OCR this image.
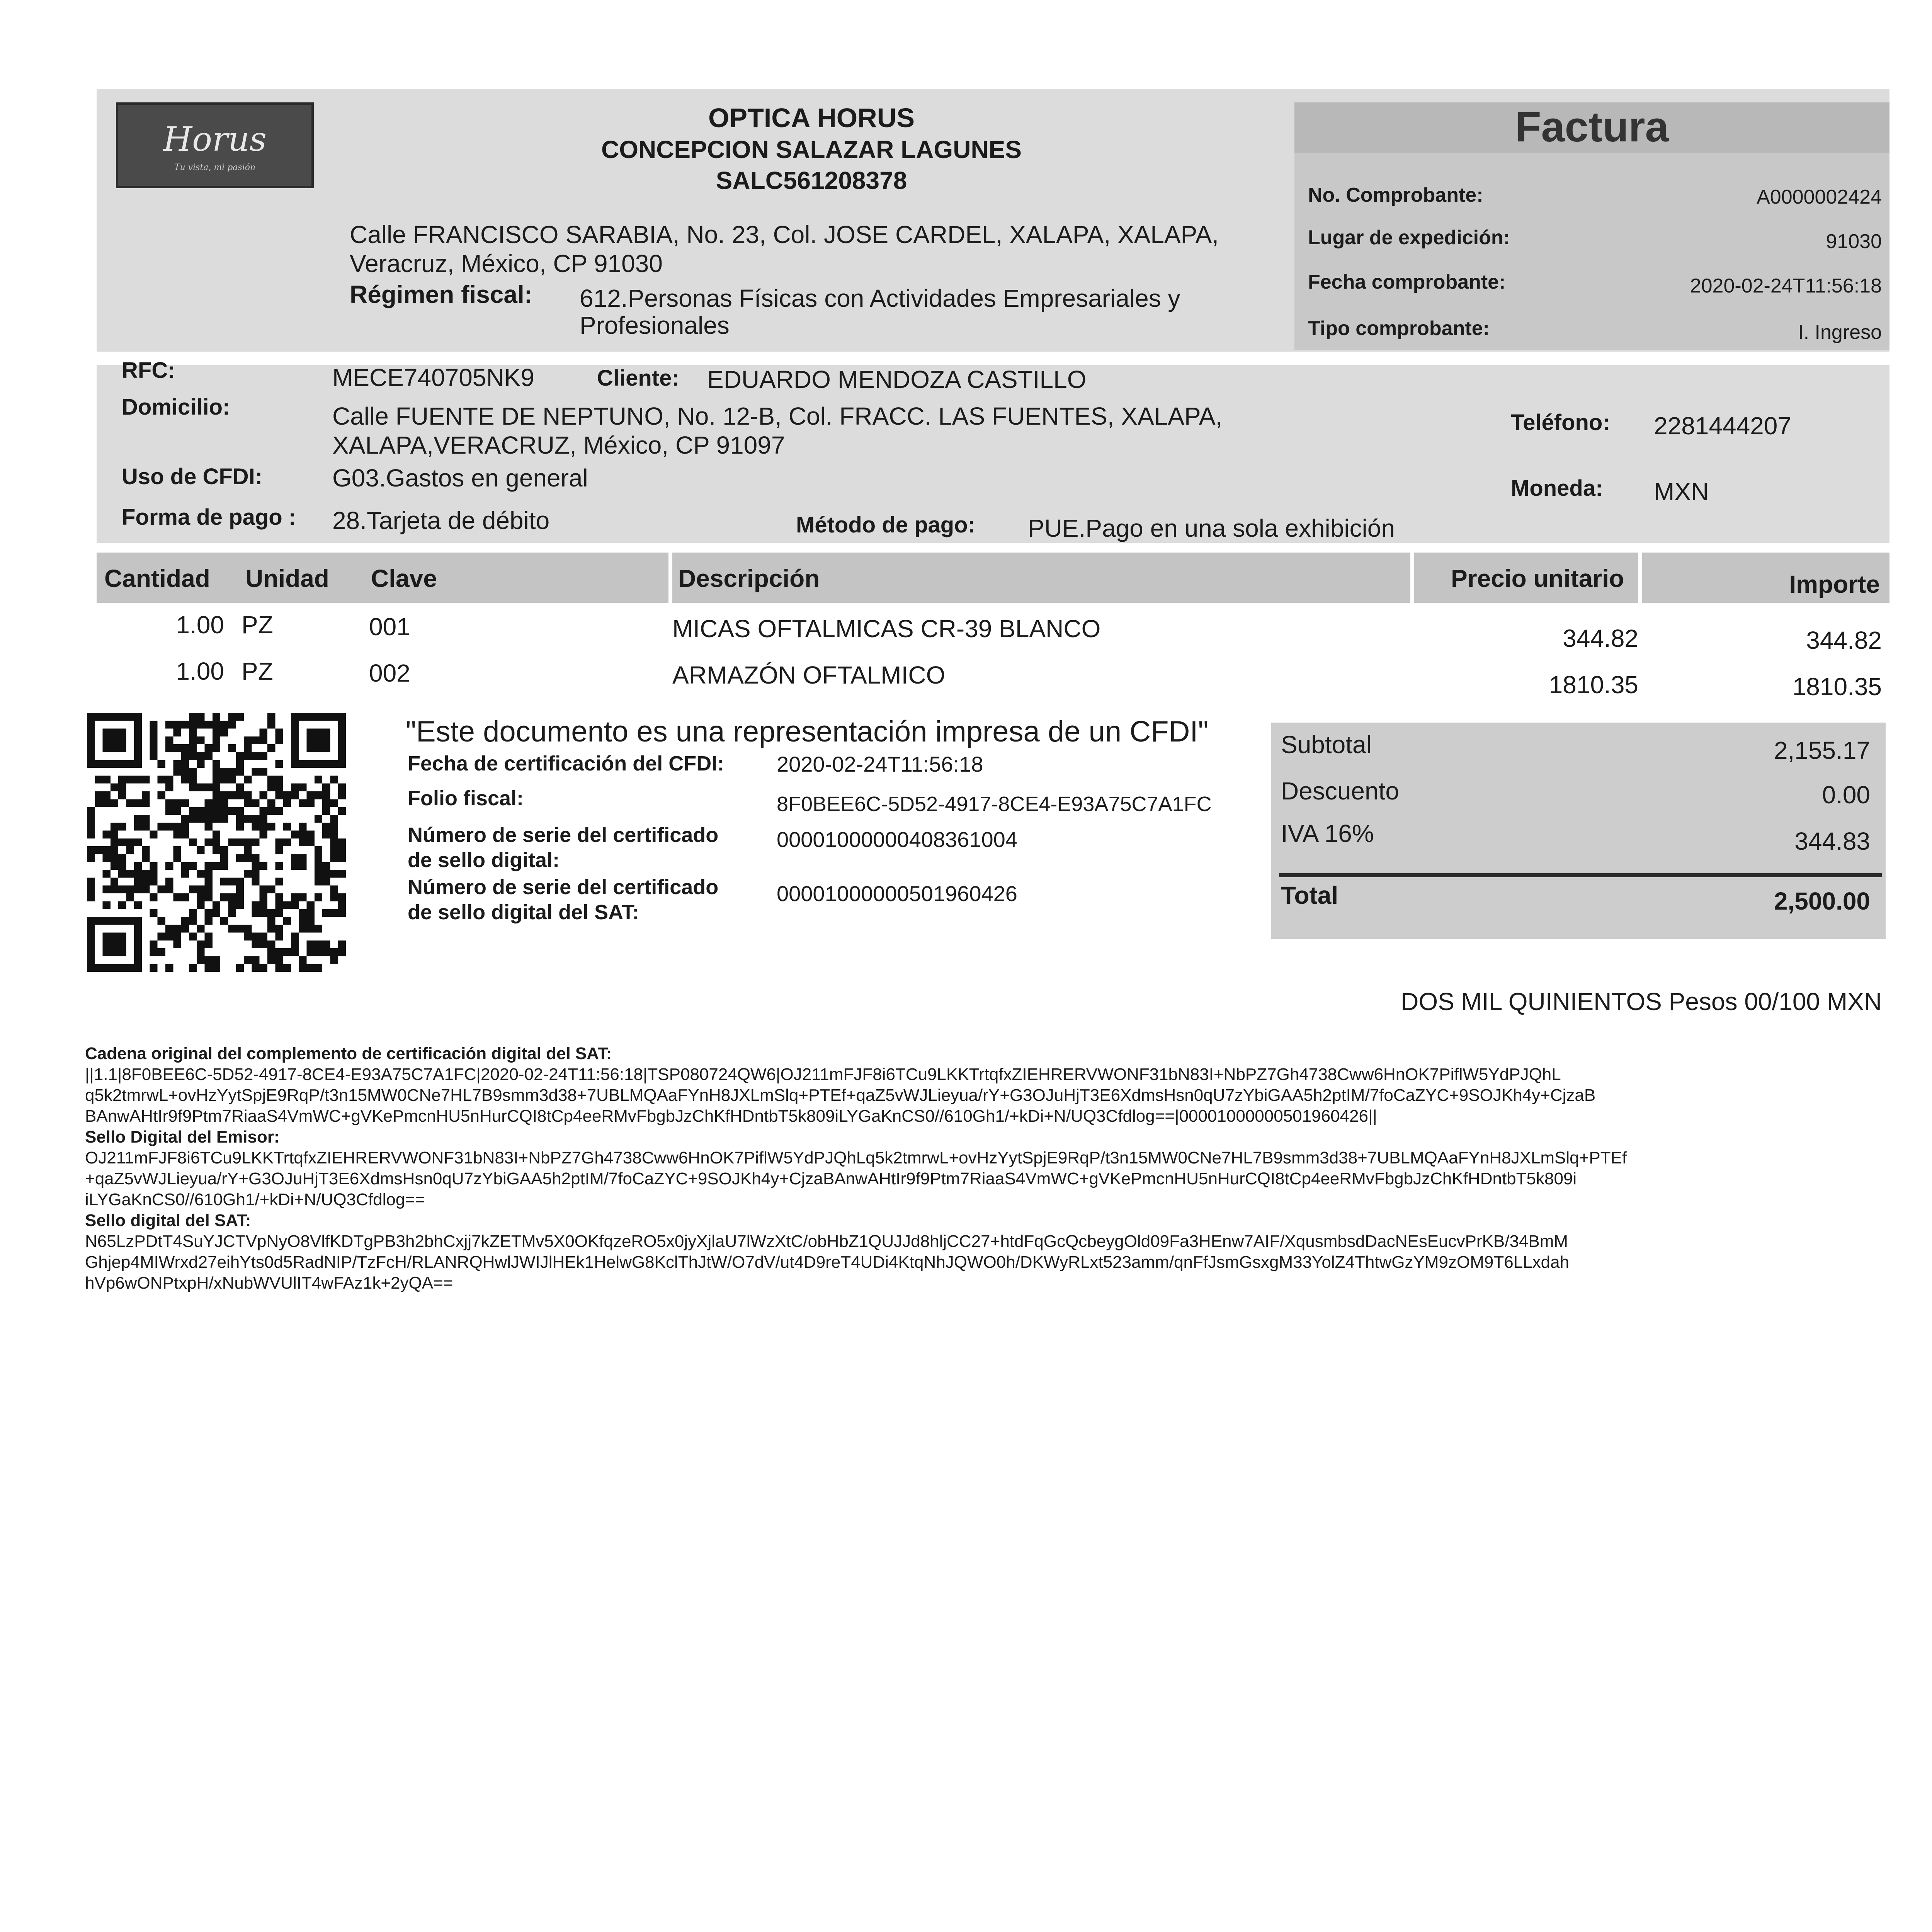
Horus
Tu vista, mi pasión
OPTICA HORUS
CONCEPCION SALAZAR LAGUNES
SALC561208378
Calle FRANCISCO SARABIA, No. 23, Col. JOSE CARDEL, XALAPA, XALAPA,
Veracruz, México, CP 91030
Régimen fiscal: 612.Personas Físicas con Actividades Empresariales y
Profesionales
Factura
No. Comprobante:	A0000002424
Lugar de expedición:	91030
Fecha comprobante:	2020-02-24T11:56:18
Tipo comprobante:	I. Ingreso
RFC:	MECE740705NK9	Cliente: EDUARDO MENDOZA CASTILLO
Domicilio:	Calle FUENTE DE NEPTUNO, No. 12-B, Col. FRACC. LAS FUENTES, XALAPA,
XALAPA,VERACRUZ, México, CP 91097
Teléfono: 2281444207
Uso de CFDI:	G03.Gastos en general	Moneda: MXN
Forma de pago : 28.Tarjeta de débito	Método de pago: PUE.Pago en una sola exhibición
Cantidad Unidad Clave	Descripción	Precio unitario	Importe
1.00 PZ	001	MICAS OFTALMICAS CR-39 BLANCO	344.82	344.82
1.00 PZ	002	ARMAZÓN OFTALMICO	1810.35	1810.35
"Este documento es una representación impresa de un CFDI"
Fecha de certificación del CFDI: 2020-02-24T11:56:18
Folio fiscal:	8F0BEE6C-5D52-4917-8CE4-E93A75C7A1FC
Número de serie del certificado
de sello digital:
00001000000408361004
Número de serie del certificado
de sello digital del SAT:
00001000000501960426
Subtotal	2,155.17
Descuento	0.00
IVA 16%	344.83
Total	2,500.00
DOS MIL QUINIENTOS Pesos 00/100 MXN
Cadena original del complemento de certificación digital del SAT:
||1.1|8F0BEE6C-5D52-4917-8CE4-E93A75C7A1FC|2020-02-24T11:56:18|TSP080724QW6|OJ211mFJF8i6TCu9LKKTrtqfxZIEHRERVWONF31bN83I+NbPZ7Gh4738Cww6HnOK7PiflW5YdPJQhL
q5k2tmrwL+ovHzYytSpjE9RqP/t3n15MW0CNe7HL7B9smm3d38+7UBLMQAaFYnH8JXLmSlq+PTEf+qaZ5vWJLieyua/rY+G3OJuHjT3E6XdmsHsn0qU7zYbiGAA5h2ptIM/7foCaZYC+9SOJKh4y+CjzaB
BAnwAHtIr9f9Ptm7RiaaS4VmWC+gVKePmcnHU5nHurCQI8tCp4eeRMvFbgbJzChKfHDntbT5k809iLYGaKnCS0//610Gh1/+kDi+N/UQ3Cfdlog==|00001000000501960426||
Sello Digital del Emisor:
OJ211mFJF8i6TCu9LKKTrtqfxZIEHRERVWONF31bN83I+NbPZ7Gh4738Cww6HnOK7PiflW5YdPJQhLq5k2tmrwL+ovHzYytSpjE9RqP/t3n15MW0CNe7HL7B9smm3d38+7UBLMQAaFYnH8JXLmSlq+PTEf
+qaZ5vWJLieyua/rY+G3OJuHjT3E6XdmsHsn0qU7zYbiGAA5h2ptIM/7foCaZYC+9SOJKh4y+CjzaBAnwAHtIr9f9Ptm7RiaaS4VmWC+gVKePmcnHU5nHurCQI8tCp4eeRMvFbgbJzChKfHDntbT5k809i
iLYGaKnCS0//610Gh1/+kDi+N/UQ3Cfdlog==
Sello digital del SAT:
N65LzPDtT4SuYJCTVpNyO8VlfKDTgPB3h2bhCxjj7kZETMv5X0OKfqzeRO5x0jyXjlaU7lWzXtC/obHbZ1QUJJd8hljCC27+htdFqGcQcbeygOld09Fa3HEnw7AIF/XqusmbsdDacNEsEucvPrKB/34BmM
Ghjep4MIWrxd27eihYts0d5RadNIP/TzFcH/RLANRQHwlJWIJlHEk1HelwG8KclThJtW/O7dV/ut4D9reT4UDi4KtqNhJQWO0h/DKWyRLxt523amm/qnFfJsmGsxgM33YolZ4ThtwGzYM9zOM9T6LLxdah
hVp6wONPtxpH/xNubWVUlIT4wFAz1k+2yQA==
